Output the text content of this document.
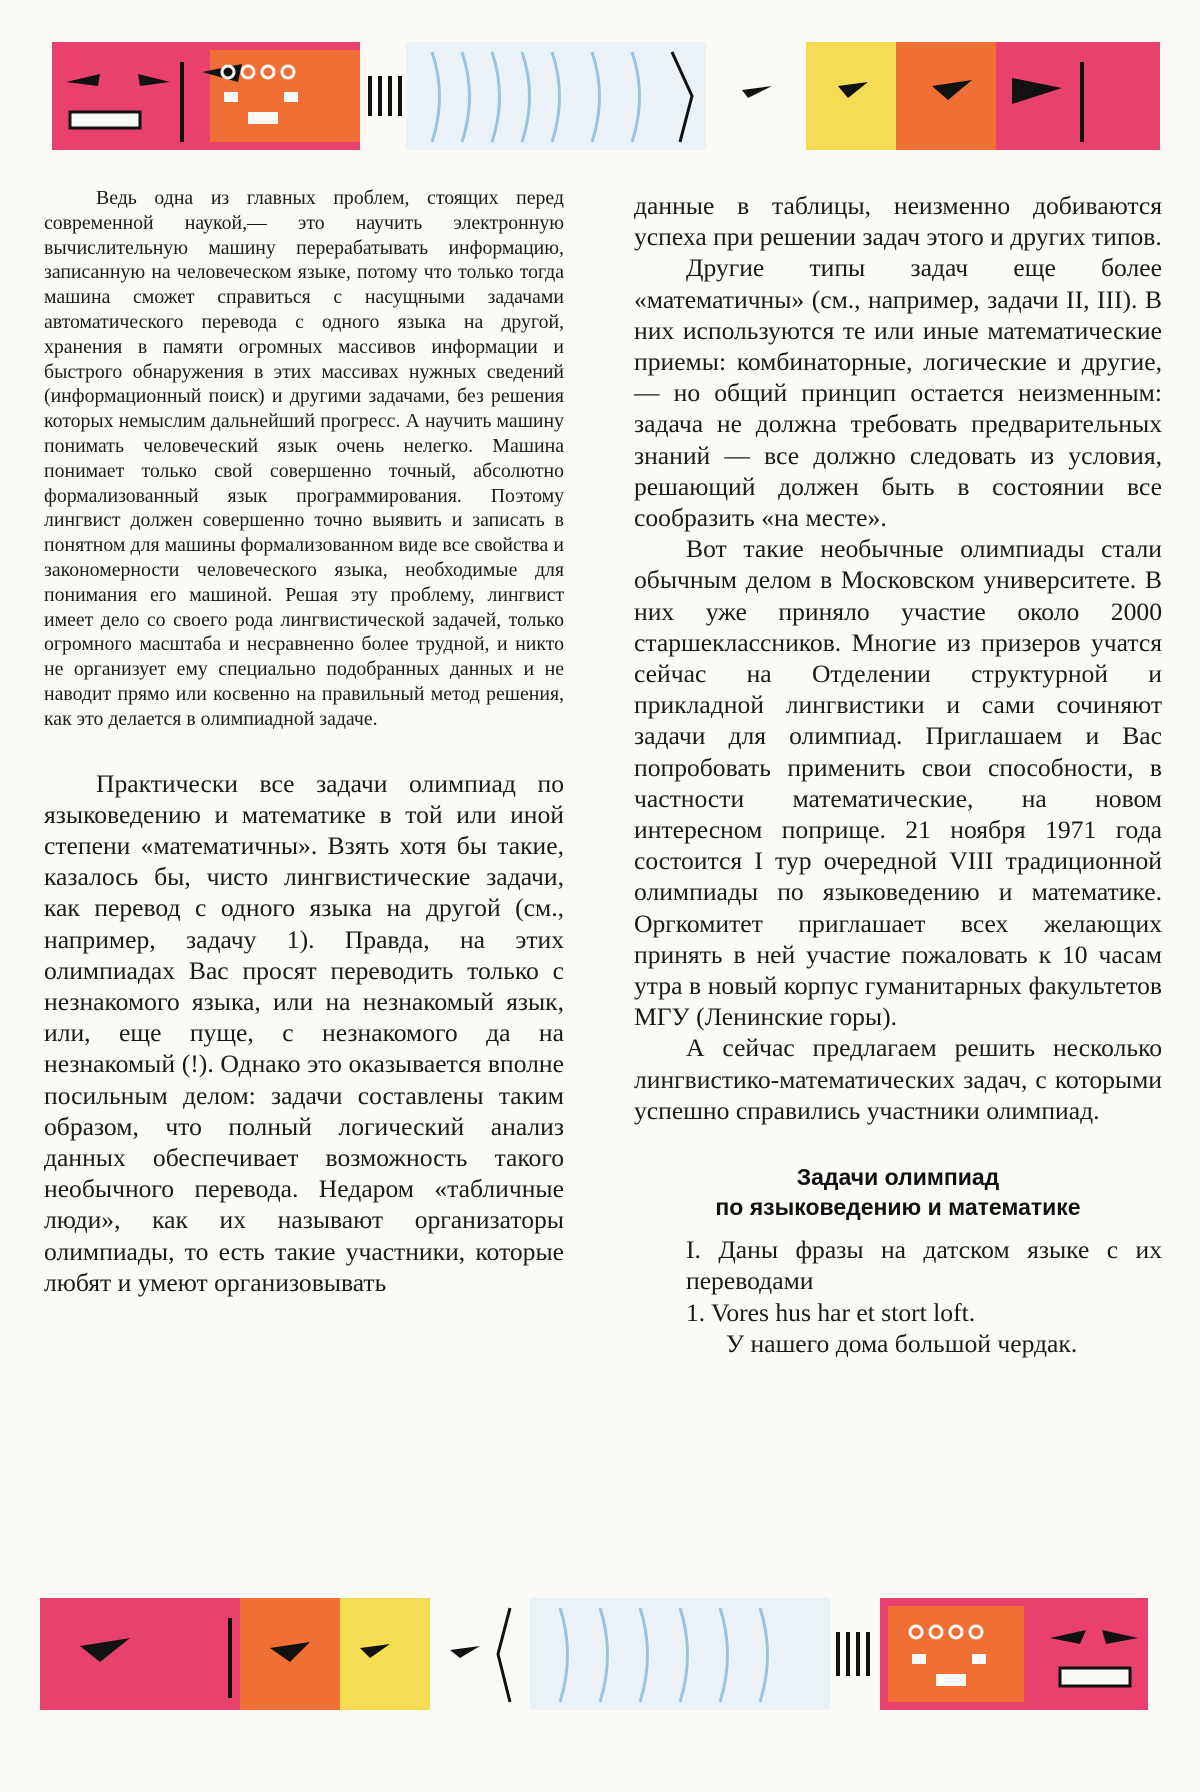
Ведь одна из главных проблем, стоящих перед современной наукой,— это научить электронную вычислительную машину перерабатывать информацию, записанную на человеческом языке, потому что только тогда машина сможет справиться с насущными задачами автоматического перевода с одного языка на другой, хранения в памяти огромных массивов информации и быстрого обнаружения в этих массивах нужных сведений (информационный поиск) и другими задачами, без решения которых немыслим дальнейший прогресс. А научить машину понимать человеческий язык очень нелегко. Машина понимает только свой совершенно точный, абсолютно формализованный язык программирования. Поэтому лингвист должен совершенно точно выявить и записать в понятном для машины формализованном виде все свойства и закономерности человеческого языка, необходимые для понимания его машиной. Решая эту проблему, лингвист имеет дело со своего рода лингвистической задачей, только огромного масштаба и несравненно более трудной, и никто не организует ему специально подобранных данных и не наводит прямо или косвенно на правильный метод решения, как это делается в олимпиадной задаче.

Практически все задачи олимпиад по языковедению и математике в той или иной степени «математичны». Взять хотя бы такие, казалось бы, чисто лингвистические задачи, как перевод с одного языка на другой (см., например, задачу 1). Правда, на этих олимпиадах Вас просят переводить только с незнакомого языка, или на незнакомый язык, или, еще пуще, с незнакомого да на незнакомый (!). Однако это оказывается вполне посильным делом: задачи составлены таким образом, что полный логический анализ данных обеспечивает возможность такого необычного перевода. Недаром «табличные люди», как их называют организаторы олимпиады, то есть такие участники, которые любят и умеют организовывать

данные в таблицы, неизменно добиваются успеха при решении задач этого и других типов.

Другие типы задач еще более «математичны» (см., например, задачи II, III). В них используются те или иные математические приемы: комбинаторные, логические и другие,— но общий принцип остается неизменным: задача не должна требовать предварительных знаний — все должно следовать из условия, решающий должен быть в состоянии все сообразить «на месте».

Вот такие необычные олимпиады стали обычным делом в Московском университете. В них уже приняло участие около 2000 старшеклассников. Многие из призеров учатся сейчас на Отделении структурной и прикладной лингвистики и сами сочиняют задачи для олимпиад. Приглашаем и Вас попробовать применить свои способности, в частности математические, на новом интересном поприще. 21 ноября 1971 года состоится I тур очередной VIII традиционной олимпиады по языковедению и математике. Оргкомитет приглашает всех желающих принять в ней участие пожаловать к 10 часам утра в новый корпус гуманитарных факультетов МГУ (Ленинские горы).

А сейчас предлагаем решить несколько лингвистико-математических задач, с которыми успешно справились участники олимпиад.

Задачи олимпиад
по языковедению и математике

I. Даны фразы на датском языке с их переводами

1. Vores hus har et stort loft.

У нашего дома большой чердак.
